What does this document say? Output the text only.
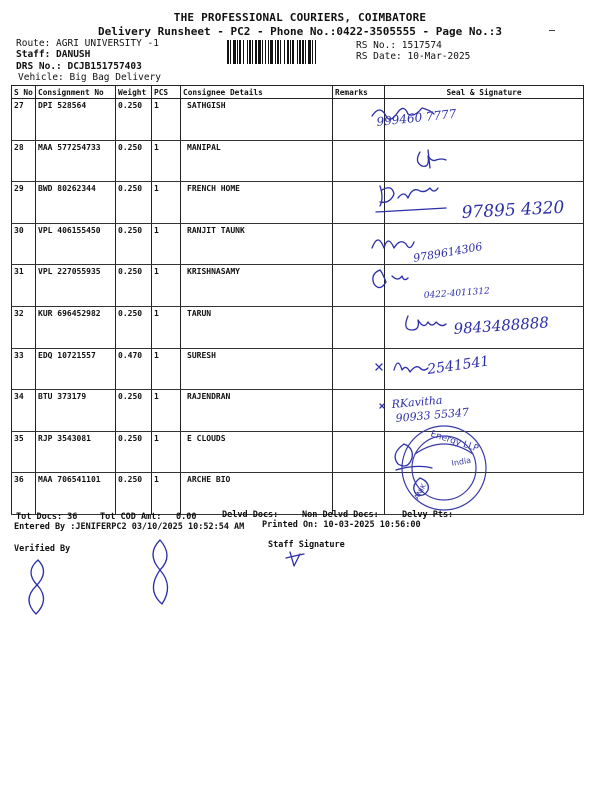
THE PROFESSIONAL COURIERS, COIMBATORE
Delivery Runsheet - PC2 - Phone No.:0422-3505555 - Page No.:3
Route: AGRI UNIVERSITY -1
Staff: DANUSH
DRS No.: DCJB151757403
Vehicle: Big Bag Delivery
RS No.: 1517574
RS Date: 10-Mar-2025
S No	Consignment No	Weight	PCS	Consignee Details	Remarks	Seal & Signature
27	DPI 528564	0.250	1	SATHGISH		
28	MAA 577254733	0.250	1	MANIPAL		
29	BWD 80262344	0.250	1	FRENCH HOME		
30	VPL 406155450	0.250	1	RANJIT TAUNK		
31	VPL 227055935	0.250	1	KRISHNASAMY		
32	KUR 696452982	0.250	1	TARUN		
33	EDQ 10721557	0.470	1	SURESH		
34	BTU 373179	0.250	1	RAJENDRAN		
35	RJP 3543081	0.250	1	E CLOUDS		
36	MAA 706541101	0.250	1	ARCHE BIO		
Tot Docs: 36	Tot COD Amt: 0.00	Delvd Docs:	Non Delvd Docs:	Delvy Pts:
Entered By :JENIFERPC2 03/10/2025 10:52:54 AM Printed On: 10-03-2025 10:56:00
Verified By	Staff Signature
999460 7777
97895 4320
9789614306
0422-4011312
9843488888
2541541
RKavitha
90933 55347
Energy LLP
India
ANIK
